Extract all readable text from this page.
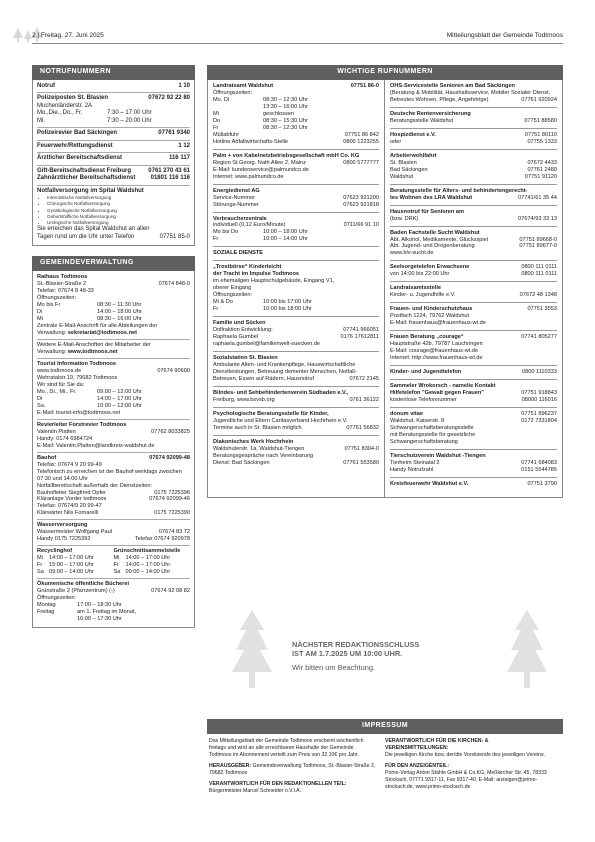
2 | Freitag, 27. Juni 2025	Mitteilungsblatt der Gemeinde Todtmoos
NOTRUFNUMMERN
Notruf	1 10
Polizeiposten St. Blasien	07672 92 22 80
Muchenländerstr. 2A
Mo.,Die., Do., Fr.	7:30 – 17:00 Uhr
Mi.	7:30 – 20:00 Uhr
Polizeirevier Bad Säckingen	07761 9340
Feuerwehr/Rettungsdienst	1 12
Ärztlicher Bereitschaftsdienst	116 117
Gift-Bereitschaftsdienst Freiburg	0761 270 43 61
Zahnärztlicher Bereitschaftsdienst	01801 116 116
Notfallversorgung im Spital Waldshut
• Internistische Notfallversorgung
• Chirurgische Notfallversorgung
• Gynäkologische Notfallversorgung
• Geburtshilfliche Notfallversorgung
• Urologische Notfallversorgung
Sie erreichen das Spital Waldshut an allen
Tagen rund um die Uhr unter Telefon	07751 85-0
GEMEINDEVERWALTUNG
Rathaus Todtmoos
St.-Blasier-Straße 2	07674 848-0
Telefax: 07674 8 48-33
Öffnungszeiten:
Mo bis Fr	08:30 – 11:30 Uhr
Di	14:00 – 18:00 Uhr
Mi	08:30 – 16:00 Uhr
Zentrale E-Mail-Anschrift für alle Abteilungen der
Verwaltung: sekretariat@todtmoos.net
Weitere E-Mail-Anschriften der Mitarbeiter der
Verwaltung: www.todtmoos.net
Tourist Information Todtmoos
www.todtmoos.de	07674 90600
Wehratalstr.19, 79682 Todtmoos
Wir sind für Sie da:
Mo., Di., Mi., Fr.	09:00 – 12:00 Uhr
Di	14:00 – 17:00 Uhr
Sa.	10:00 – 12:00 Uhr
E-Mail: tourist-info@todtmoos.net
Revierleiter Forstrevier Todtmoos
Valentin Platten	07762 8033825
Handy: 0174 6984724
E-Mail: Valentin.Platten@landkreis-waldshut.de
Bauhof	07674 92099-48
Telefax: 07674 9 20 99-49
Telefonisch zu erreichen ist der Bauhof werktags zwischen 07:30 und 14:00 Uhr
Notfallbereitschaft außerhalb der Dienstzeiten:
Bauhofleiter Siegfried Opfer	0175 7225396
Kläranlage Vorder todtmoos	07674 92099-46
Telefax: 07674/9 20 99-47
Klärwärter Nils Fornarelli	0175 7225390
Wasserversorgung
Wassermeister Wolfgang Paul	07674 83 72
Handy 0175 7225392	Telefax 07674 920978
Recyclinghof
Mi 14:00 – 17:00 Uhr
Fr 15:00 – 17:00 Uhr
Sa 09:00 – 14:00 Uhr
Grünschnittsammelstelle
Mi 14:00 – 17:00 Uhr
Fr 14:00 – 17:00 Uhr
Sa 09:00 – 14:00 Uhr
Ökumenische öffentliche Bücherei
Grünstraße 2 (Pfarrzentrum) (-)	07674 92 08 82
Öffnungszeiten:
Montag	17:00 – 18:30 Uhr
Freitag	am 1. Freitag im Monat,
16:00 – 17:30 Uhr
WICHTIGE RUFNUMMERN
Landratsamt Waldshut	07751 86-0
Öffnungszeiten:
Mo. Di	08:30 – 12:30 Uhr
13:30 – 16:00 Uhr
Mi	geschlossen
Do	08:30 – 15:30 Uhr
Fr	08:30 – 12:30 Uhr
Müllabfuhr	07751 86 842
Hotline Abfallwirtschafts-Stelle	0800 1223255
Palm + von Kabelnetzbetriebsgesellschaft mbH Co. KG
Region St.Georg. Nath Allee 2, Mainz	0800 5777777
E-Mail: kundenservice@palmundco.de
Internet: www.palmundco.de
Energiedienst AG
Service-Nummer	07623 921200
Störungs-Nummer	07623 921818
Verbraucherzentrale
individuell (0,12 Euro/Minute)	0711/66 91 10
Mo bis Do	10:00 – 18:00 Uhr
Fr	10:00 – 14:00 Uhr
SOZIALE DIENSTE
„Trostbörse“ Kinderleicht
der Tracht im Impulse Todtmoos
im ehemaligen Hauptschulgebäude, Eingang V1,
oberer Eingang
Öffnungszeiten:
Mi & Do	10:00 bis 17:00 Uhr
Fr	10:00 bis 18:00 Uhr
Familie und Sücken
Dolfraktion Entwicklung:	07741 966051
Raphaela Gumbel	0176 17612811
raphaela.gumbel@familienwelt-suecken.de
Sozialstation St. Blasien
Ambulante Alten- und Krankenpflege, Hauswirtschaftliche
Dienstleistungen, Betreuung dementer Menschen, Notfall-
Betreuen, Essen auf Rädern, Hausnotruf	07672 2145
Bilndes- und Sehbehindertenverein Südbaden e.V.,
Freiburg, www.bsvsb.org	0761 36122
Psychologische Beratungsstelle für Kinder,
Jugendliche und Eltern Caritasverband Hochrhein e.V.
Termine auch in St. Blasien möglich	07761 56832
Diakonisches Werk Hochrhein
Waldshuterstr. 1a, Waldshut-Tiengen	07751 8304-0
Beratungsgespräche nach Vereinbarung
Dienst: Bad Säckingen	07761 553580
OHS-Servicestelle Senioren am Bad Säckingen
(Beratung & Mobilität, Haushaltsservice, Mobiler Sozialer Dienst,
Betreutes Wohnen, Pflege, Angehörige)	07761 920924
Deutsche Rentenversicherung
Beratungsstelle Waldshut	07751 88580
Hospizdienst e.V.	07751 80110
oder	07755 1333
Arbeiterwohlfahrt
St. Blasien	07672 4433
Bad Säckingen	07761 2480
Waldshut	07751 91120
Beratungsstelle für Alters- und behindertengerecht-
tes Wohnen des LRA Waldshut	07741/61 35 44
Hausnotruf für Senioren am
(bzw. DRK)	07674/93 33 13
Baden Fachstelle Sucht Waldshut
Abt. Alkohol, Medikamente, Glücksspiel	07751 89668-0
Abt. Jugend- und Drogenberatung	07751 89677-0
www.blv-sucht.de
Seelsorgetelefon Erwachsene	0800 111 0111
von 14:00 bis 22:00 Uhr	0800 111 0111
Landratsamtsstelle
Kinder- u. Jugendhilfe e.V.	07672 48 1348
Frauen- und Kinderschutzhaus	07751 3553
Postfach 1224, 79762 Waldshut
E-Mail: frauenhaus@frauenhaus-wt.de
Frauen Beratung „courage“	07741 805277
Hauptstraße 42b, 79787 Lauchringen
E-Mail: courage@frauenhaus-wt.de
Internet: http://www.frauenhaus-wt.de
Kinder- und Jugendtelefon	0800 1110333
Sammeler Wrokorsch - namelie Kontakt
Hilfetelefon "Gewalt gegen Frauen"	07751 918843
kostenlose Telefonnummer	08000 116016
donum vitae	07751 896237
Waldshut, Kaiserstr. 8	0172 7331804
Schwangerschaftsberatungsstelle
mit Beratungsstelle für gesetzliche
Schwangerschaftsberatung
Tierschutzverein Waldshut -Tiengen
Tierheim Steinatal 2	07741 684083
Handy Notrufzahl	0151 5544785
Kreisfeuerwehr Waldshut e.V.	07751 3790
NÄCHSTER REDAKTIONSSCHLUSS
IST AM 1.7.2025 UM 10:00 UHR.
Wir bitten um Beachtung.
IMPRESSUM
Das Mitteilungsblatt der Gemeinde Todtmoos erscheint wöchentlich freitags und wird an alle erreichbaren Haushalte der Gemeinde Todtmoos im Abonnement verteilt zum Preis von 32,10€ pro Jahr.
HERAUSGEBER: Gemeindeverwaltung Todtmoos, St.-Blasier-Straße 2, 79682 Todtmoos
VERANTWORTLICH FÜR DEN REDAKTIONELLEN TEIL:
Bürgermeister Marcel Schneider o.V.i.A.
VERANTWORTLICH FÜR DIE KIRCHEN- & VEREINSMITTEILUNGEN:
Die jeweiligen Kirche bzw. der/die Vorsitzende des jeweiligen Vereins.
FÜR DEN ANZEIGENTEIL:
Primo-Verlag Anton Stähle GmbH & Co.KG, Meßkircher Str. 45, 78333 Stockach, 07771 9317-11, Fax 9317-40, E-Mail: anzeigen@primo-stockach.de, www.primo-stockach.de
